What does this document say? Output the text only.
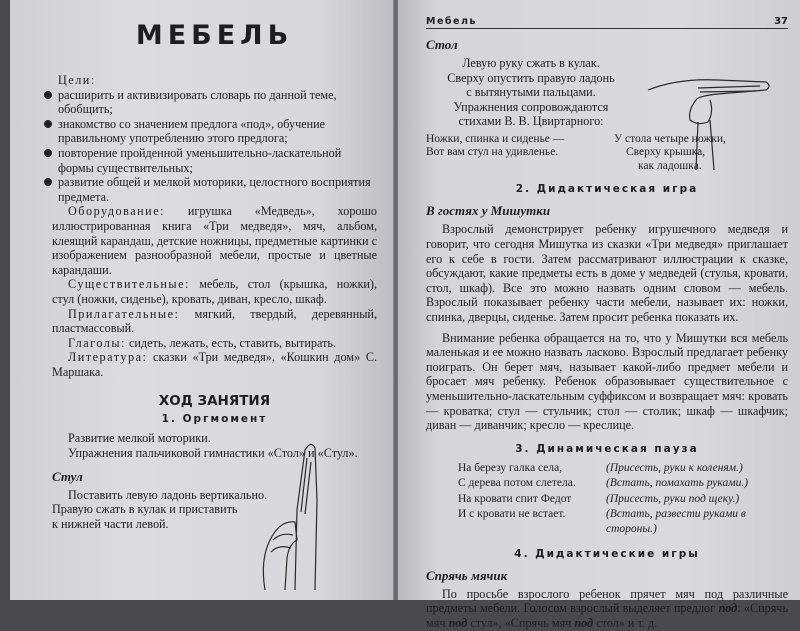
МЕБЕЛЬ

Цели:

расширить и активизировать словарь по данной теме, обобщить;
знакомство со значением предлога «под», обучение правильному употреблению этого предлога;
повторение пройденной уменьшительно-ласкательной формы существительных;
развитие общей и мелкой моторики, целостного восприятия предмета.

Оборудование: игрушка «Медведь», хорошо иллюстрированная книга «Три медведя», мяч, альбом, клеящий карандаш, детские ножницы, предметные картинки с изображением разнообразной мебели, простые и цветные карандаши.

Существительные: мебель, стол (крышка, ножки), стул (ножки, сиденье), кровать, диван, кресло, шкаф.

Прилагательные: мягкий, твердый, деревянный, пластмассовый.

Глаголы: сидеть, лежать, есть, ставить, вытирать.

Литература: сказки «Три медведя», «Кошкин дом» С. Маршака.

ХОД ЗАНЯТИЯ
1. Оргмомент

Развитие мелкой моторики.

Упражнения пальчиковой гимнастики «Стол» и «Стул».

Стул

Поставить левую ладонь вертикально.

Правую сжать в кулак и приставить

к нижней части левой.

Мебель	37
Стол

Левую руку сжать в кулак.

Сверху опустить правую ладонь

с вытянутыми пальцами.

Упражнения сопровождаются

стихами В. В. Цвиртарного:

Ножки, спинка и сиденье —
Вот вам стул на удивленье.
У стола четыре ножки,
Сверху крышка,
как ладошка.
2. Дидактическая игра
В гостях у Мишутки

Взрослый демонстрирует ребенку игрушечного медведя и говорит, что сегодня Мишутка из сказки «Три медведя» приглашает его к себе в гости. Затем рассматривают иллюстрации к сказке, обсуждают, какие предметы есть в доме у медведей (стулья, кровати, стол, шкаф). Все это можно назвать одним словом — мебель. Взрослый показывает ребенку части мебели, называет их: ножки, спинка, дверцы, сиденье. Затем просит ребенка показать их.

Внимание ребенка обращается на то, что у Мишутки вся мебель маленькая и ее можно назвать ласково. Взрослый предлагает ребенку поиграть. Он берет мяч, называет какой-либо предмет мебели и бросает мяч ребенку. Ребенок образовывает существительное с уменьшительно-ласкательным суффиксом и возвращает мяч: кровать — кроватка; стул — стульчик; стол — столик; шкаф — шкафчик; диван — диванчик; кресло — креслице.

3. Динамическая пауза
На березу галка села,	(Присесть, руки к коленям.)
С дерева потом слетела.	(Встать, помахать руками.)
На кровати спит Федот	(Присесть, руки под щеку.)
И с кровати не встает.	(Встать, развести руками в стороны.)
4. Дидактические игры
Спрячь мячик

По просьбе взрослого ребенок прячет мяч под различные предметы мебели. Голосом взрослый выделяет предлог под: «Спрячь мяч под стул», «Спрячь мяч под стол» и т. д.
